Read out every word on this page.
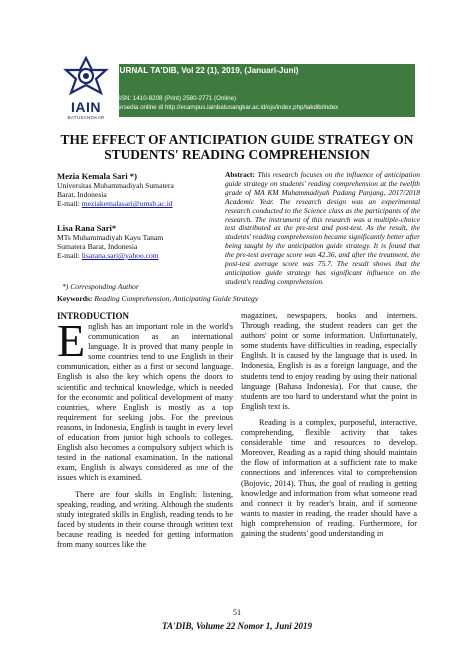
IAIN
BATUSANGKAR
JURNAL TA'DIB, Vol 22 (1), 2019, (Januari-Juni)
ISSN: 1410-8208 (Print) 2580-2771 (Online)
Tersedia online di http://ecampus.iainbatusangkar.ac.id/ojs/index.php/takdib/index
THE EFFECT OF ANTICIPATION GUIDE STRATEGY ON
STUDENTS' READING COMPREHENSION
Mezia Kemala Sari *)
Universitas Muhammadiyah Sumatera
Barat, Indonesia
E-mail: meziakemalasari@umsb.ac.id
Lisa Rana Sari*
MTs Muhammadiyah Kayu Tanam
Sumatera Barat, Indonesia
E-mail: lisarana.sari@yahoo.com
*) Corresponding Author
Abstract: This research focuses on the influence of anticipation guide strategy on students' reading comprehension at the twelfth grade of MA KM Muhammadiyah Padang Panjang, 2017/2018 Academic Year. The research design was an experimental research conducted to the Science class as the participants of the research. The instrument of this research was a multiple-choice test distributed as the pre-test and post-test. As the result, the students' reading comprehension became significantly better after being taught by the anticipation guide strategy. It is found that the pre-test average score was 42.36, and after the treatment, the post-test average score was 75.7. The result shows that the anticipation guide strategy has significant influence on the student's reading comprehension.
Keywords: Reading Comprehension, Anticipating Guide Strategy
INTRODUCTION

English has an important role in the world's communication as an international language. It is proved that many people in some countries tend to use English in their communication, either as a first or second language. English is also the key which opens the doors to scientific and technical knowledge, which is needed for the economic and political development of many countries, where English is mostly as a top requirement for seeking jobs. For the previous reasons, in Indonesia, English is taught in every level of education from junior high schools to colleges. English also becomes a compulsory subject which is tested in the national examination. In the national exam, English is always considered as one of the issues which is examined.

There are four skills in English: listening, speaking, reading, and writing. Although the students study integrated skills in English, reading tends to be faced by students in their course through written text because reading is needed for getting information from many sources like the

magazines, newspapers, books and internets. Through reading, the student readers can get the authors' point or some information. Unfortunately, some students have difficulties in reading, especially English. It is caused by the language that is used. In Indonesia, English is as a foreign language, and the students tend to enjoy reading by using their national language (Bahasa Indonesia). For that cause, the students are too hard to understand what the point in English text is.

Reading is a complex, purposeful, interactive, comprehending, flexible activity that takes considerable time and resources to develop. Moreover, Reading as a rapid thing should maintain the flow of information at a sufficient rate to make connections and inferences vital to comprehension (Bojovic, 2014). Thus, the goal of reading is getting knowledge and information from what someone read and connect it by reader's brain, and if someone wants to master in reading, the reader should have a high comprehension of reading. Furthermore, for gaining the students' good understanding in

51
TA'DIB, Volume 22 Nomor 1, Juni 2019
